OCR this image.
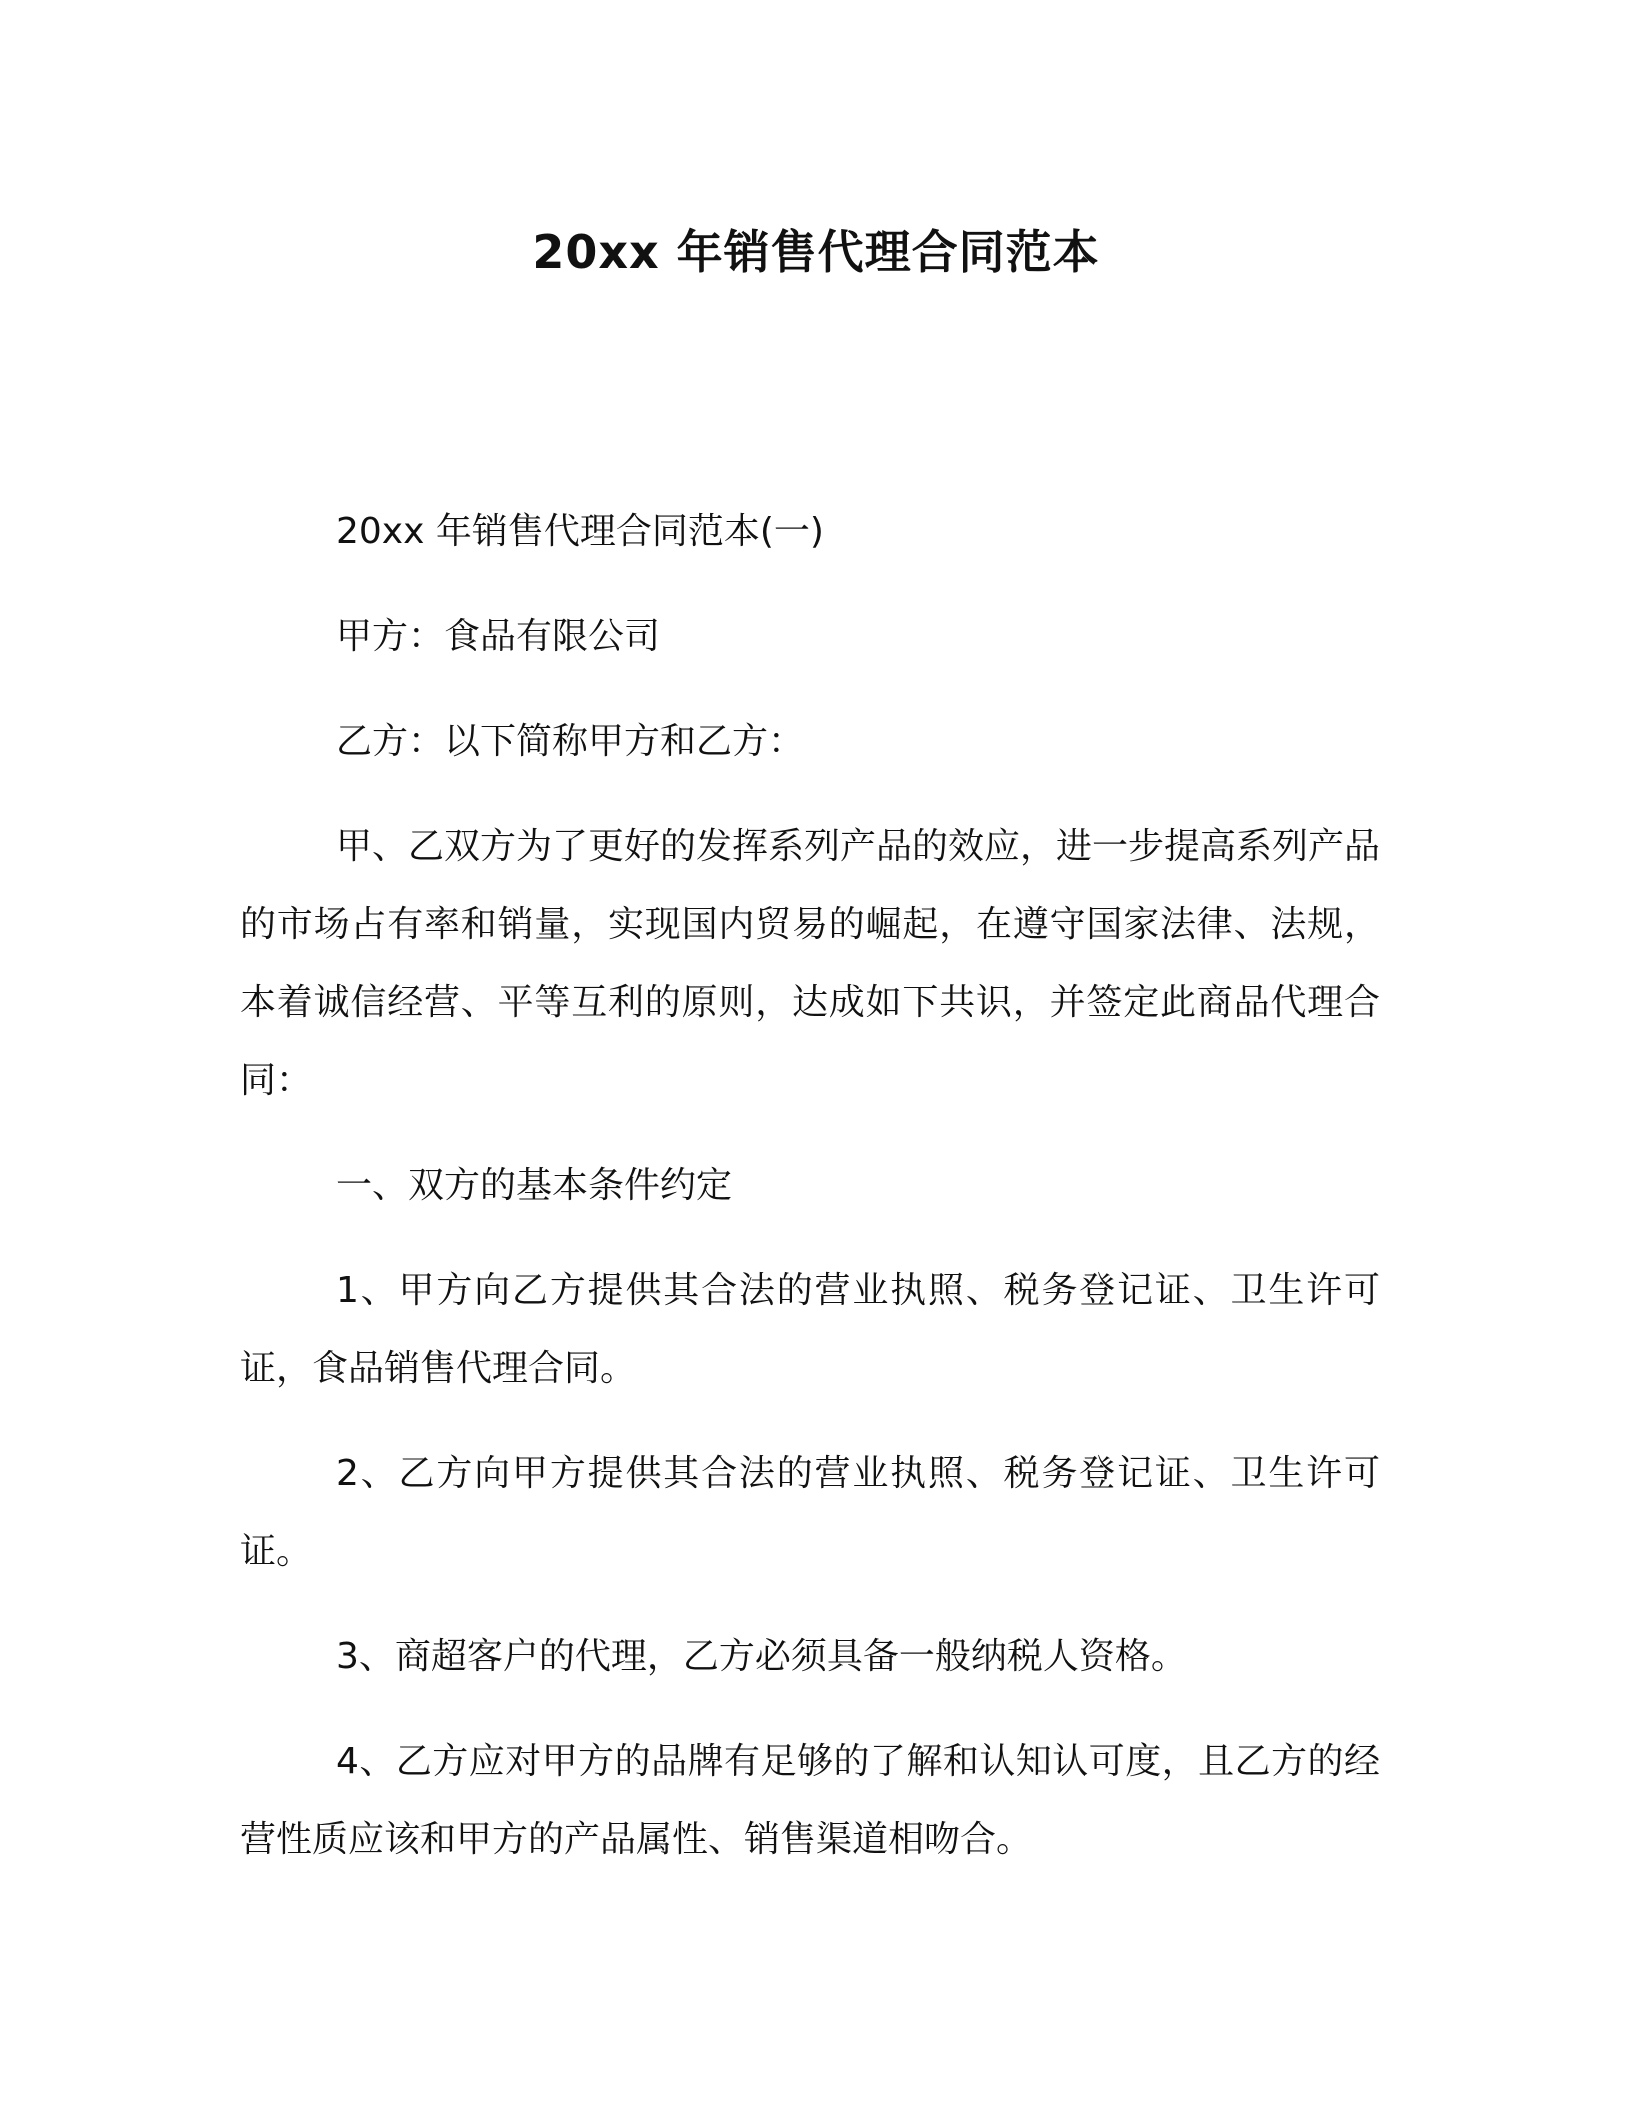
20xx 年销售代理合同范本

20xx 年销售代理合同范本(一)

甲方：食品有限公司

乙方：以下简称甲方和乙方：

甲、乙双方为了更好的发挥系列产品的效应，进一步提高系列产品的市场占有率和销量，实现国内贸易的崛起，在遵守国家法律、法规，本着诚信经营、平等互利的原则，达成如下共识，并签定此商品代理合同：

一、双方的基本条件约定

1、甲方向乙方提供其合法的营业执照、税务登记证、卫生许可证，食品销售代理合同。

2、乙方向甲方提供其合法的营业执照、税务登记证、卫生许可证。

3、商超客户的代理，乙方必须具备一般纳税人资格。

4、乙方应对甲方的品牌有足够的了解和认知认可度，且乙方的经营性质应该和甲方的产品属性、销售渠道相吻合。
